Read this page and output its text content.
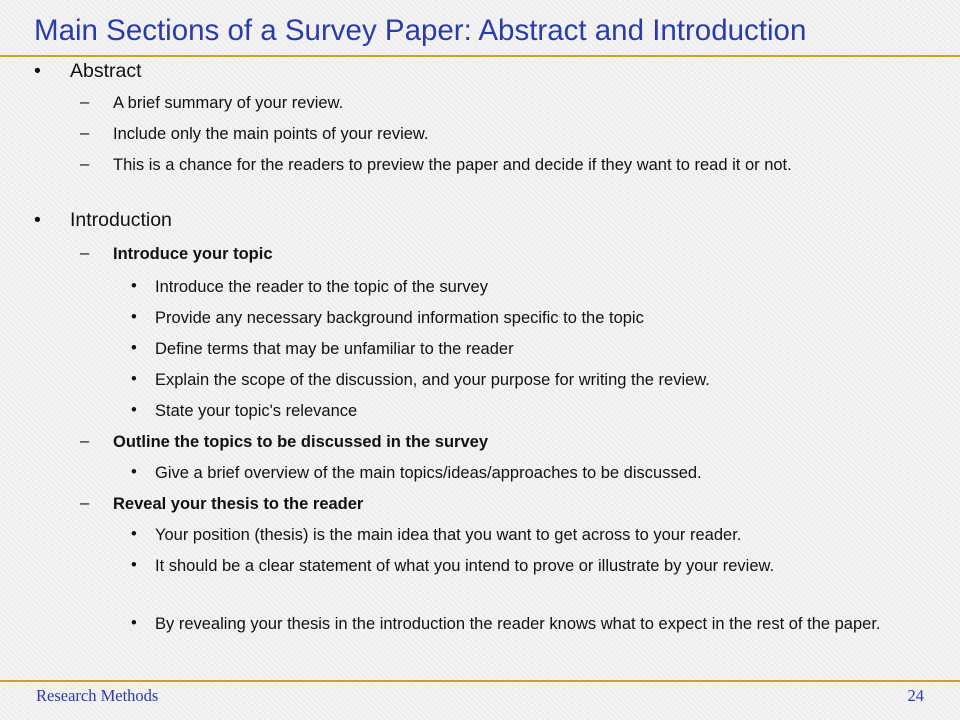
Main Sections of a Survey Paper: Abstract and Introduction
• Abstract
– A brief summary of your review.
– Include only the main points of your review.
– This is a chance for the readers to preview the paper and decide if they want to read it or not.
• Introduction
– Introduce your topic
• Introduce the reader to the topic of the survey
• Provide any necessary background information specific to the topic
• Define terms that may be unfamiliar to the reader
• Explain the scope of the discussion, and your purpose for writing the review.
• State your topic's relevance
– Outline the topics to be discussed in the survey
• Give a brief overview of the main topics/ideas/approaches to be discussed.
– Reveal your thesis to the reader
• Your position (thesis) is the main idea that you want to get across to your reader.
• It should be a clear statement of what you intend to prove or illustrate by your review.
• By revealing your thesis in the introduction the reader knows what to expect in the rest of the paper.
Research Methods	24
